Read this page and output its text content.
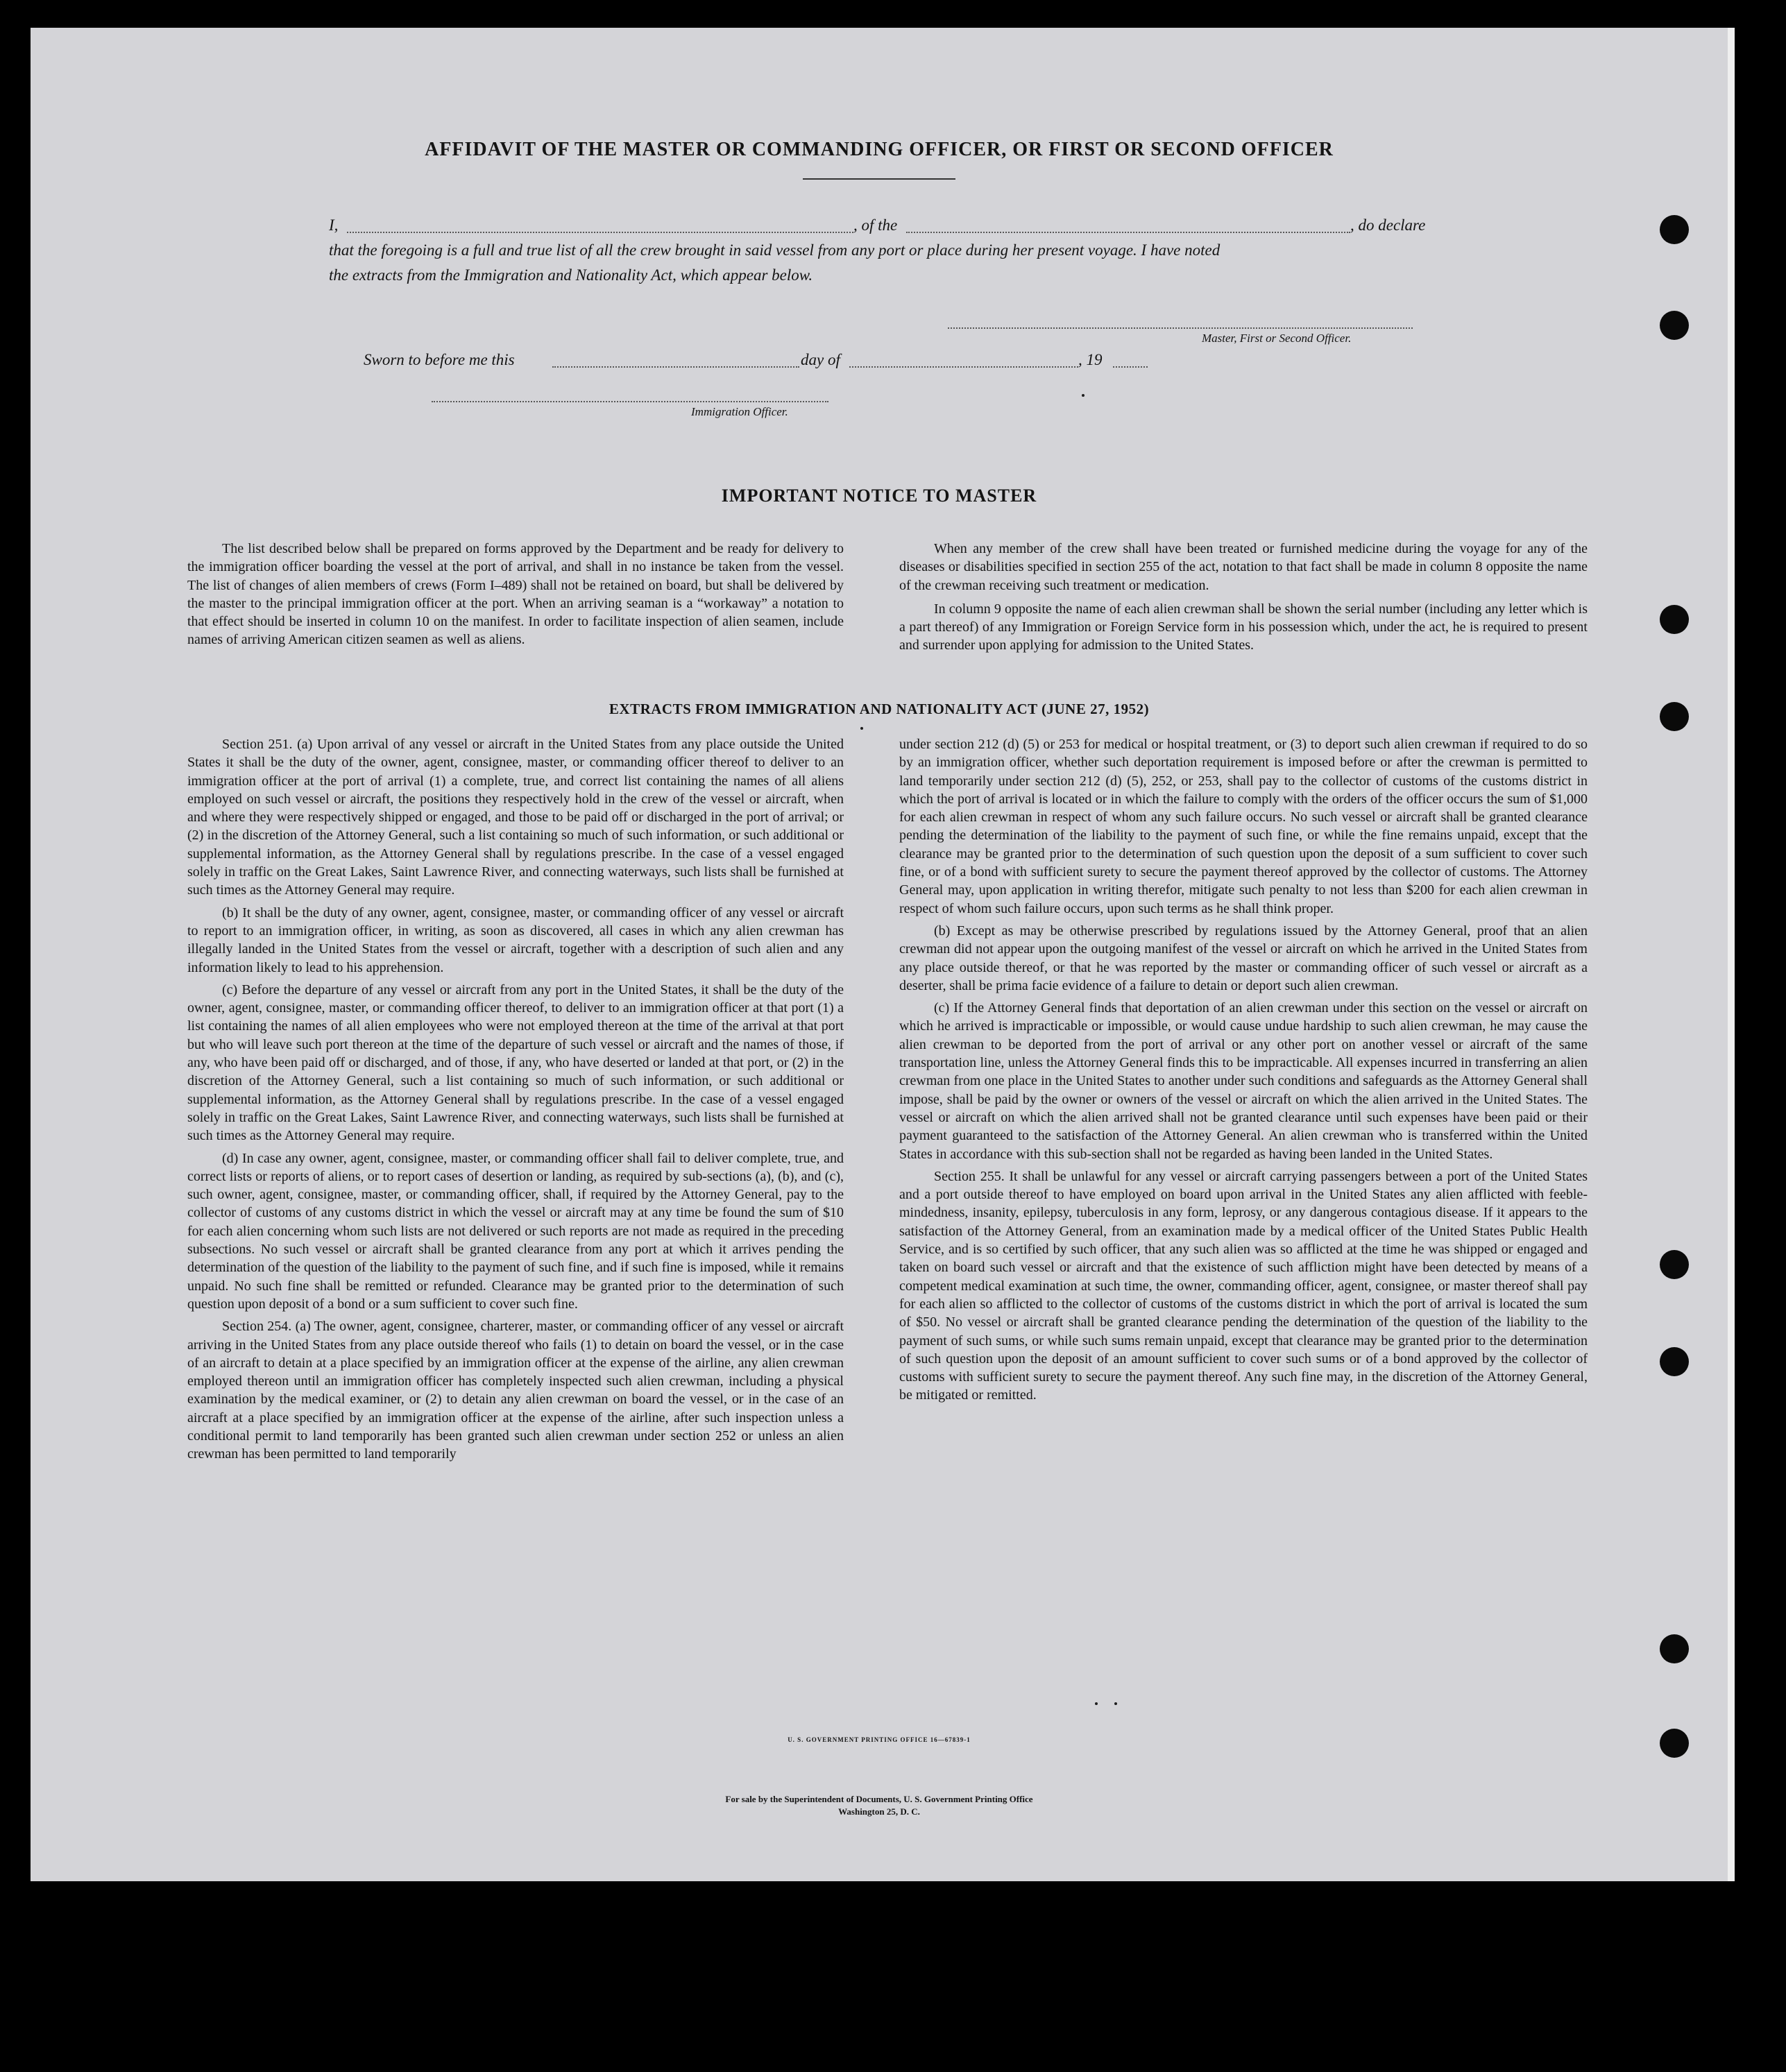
AFFIDAVIT OF THE MASTER OR COMMANDING OFFICER, OR FIRST OR SECOND OFFICER
I,	, of the	, do declare
that the foregoing is a full and true list of all the crew brought in said vessel from any port or place during her present voyage. I have noted
the extracts from the Immigration and Nationality Act, which appear below.
Master, First or Second Officer.
Sworn to before me this	day of	, 19
Immigration Officer.
IMPORTANT NOTICE TO MASTER

The list described below shall be prepared on forms approved by the Department and be ready for delivery to the immigration officer boarding the vessel at the port of arrival, and shall in no instance be taken from the vessel. The list of changes of alien members of crews (Form I–489) shall not be retained on board, but shall be delivered by the master to the principal immigration officer at the port. When an arriving seaman is a “workaway” a notation to that effect should be inserted in column 10 on the manifest. In order to facilitate inspection of alien seamen, include names of arriving American citizen seamen as well as aliens.

When any member of the crew shall have been treated or furnished medicine during the voyage for any of the diseases or disabilities specified in section 255 of the act, notation to that fact shall be made in column 8 opposite the name of the crewman receiving such treatment or medication.

In column 9 opposite the name of each alien crewman shall be shown the serial number (including any letter which is a part thereof) of any Immigration or Foreign Service form in his possession which, under the act, he is required to present and surrender upon applying for admission to the United States.

EXTRACTS FROM IMMIGRATION AND NATIONALITY ACT (JUNE 27, 1952)

Section 251. (a) Upon arrival of any vessel or aircraft in the United States from any place outside the United States it shall be the duty of the owner, agent, consignee, master, or commanding officer thereof to deliver to an immigration officer at the port of arrival (1) a complete, true, and correct list containing the names of all aliens employed on such vessel or aircraft, the positions they respectively hold in the crew of the vessel or aircraft, when and where they were respectively shipped or engaged, and those to be paid off or discharged in the port of arrival; or (2) in the discretion of the Attorney General, such a list containing so much of such information, or such additional or supplemental information, as the Attorney General shall by regulations prescribe. In the case of a vessel engaged solely in traffic on the Great Lakes, Saint Lawrence River, and connecting waterways, such lists shall be furnished at such times as the Attorney General may require.

(b) It shall be the duty of any owner, agent, consignee, master, or commanding officer of any vessel or aircraft to report to an immigration officer, in writing, as soon as discovered, all cases in which any alien crewman has illegally landed in the United States from the vessel or aircraft, together with a description of such alien and any information likely to lead to his apprehension.

(c) Before the departure of any vessel or aircraft from any port in the United States, it shall be the duty of the owner, agent, consignee, master, or commanding officer thereof, to deliver to an immigration officer at that port (1) a list containing the names of all alien employees who were not employed thereon at the time of the arrival at that port but who will leave such port thereon at the time of the departure of such vessel or aircraft and the names of those, if any, who have been paid off or discharged, and of those, if any, who have deserted or landed at that port, or (2) in the discretion of the Attorney General, such a list containing so much of such information, or such additional or supplemental information, as the Attorney General shall by regulations prescribe. In the case of a vessel engaged solely in traffic on the Great Lakes, Saint Lawrence River, and connecting waterways, such lists shall be furnished at such times as the Attorney General may require.

(d) In case any owner, agent, consignee, master, or commanding officer shall fail to deliver complete, true, and correct lists or reports of aliens, or to report cases of desertion or landing, as required by sub-sections (a), (b), and (c), such owner, agent, consignee, master, or commanding officer, shall, if required by the Attorney General, pay to the collector of customs of any customs district in which the vessel or aircraft may at any time be found the sum of $10 for each alien concerning whom such lists are not delivered or such reports are not made as required in the preceding subsections. No such vessel or aircraft shall be granted clearance from any port at which it arrives pending the determination of the question of the liability to the payment of such fine, and if such fine is imposed, while it remains unpaid. No such fine shall be remitted or refunded. Clearance may be granted prior to the determination of such question upon deposit of a bond or a sum sufficient to cover such fine.

Section 254. (a) The owner, agent, consignee, charterer, master, or commanding officer of any vessel or aircraft arriving in the United States from any place outside thereof who fails (1) to detain on board the vessel, or in the case of an aircraft to detain at a place specified by an immigration officer at the expense of the airline, any alien crewman employed thereon until an immigration officer has completely inspected such alien crewman, including a physical examination by the medical examiner, or (2) to detain any alien crewman on board the vessel, or in the case of an aircraft at a place specified by an immigration officer at the expense of the airline, after such inspection unless a conditional permit to land temporarily has been granted such alien crewman under section 252 or unless an alien crewman has been permitted to land temporarily

under section 212 (d) (5) or 253 for medical or hospital treatment, or (3) to deport such alien crewman if required to do so by an immigration officer, whether such deportation requirement is imposed before or after the crewman is permitted to land temporarily under section 212 (d) (5), 252, or 253, shall pay to the collector of customs of the customs district in which the port of arrival is located or in which the failure to comply with the orders of the officer occurs the sum of $1,000 for each alien crewman in respect of whom any such failure occurs. No such vessel or aircraft shall be granted clearance pending the determination of the liability to the payment of such fine, or while the fine remains unpaid, except that the clearance may be granted prior to the determination of such question upon the deposit of a sum sufficient to cover such fine, or of a bond with sufficient surety to secure the payment thereof approved by the collector of customs. The Attorney General may, upon application in writing therefor, mitigate such penalty to not less than $200 for each alien crewman in respect of whom such failure occurs, upon such terms as he shall think proper.

(b) Except as may be otherwise prescribed by regulations issued by the Attorney General, proof that an alien crewman did not appear upon the outgoing manifest of the vessel or aircraft on which he arrived in the United States from any place outside thereof, or that he was reported by the master or commanding officer of such vessel or aircraft as a deserter, shall be prima facie evidence of a failure to detain or deport such alien crewman.

(c) If the Attorney General finds that deportation of an alien crewman under this section on the vessel or aircraft on which he arrived is impracticable or impossible, or would cause undue hardship to such alien crewman, he may cause the alien crewman to be deported from the port of arrival or any other port on another vessel or aircraft of the same transportation line, unless the Attorney General finds this to be impracticable. All expenses incurred in transferring an alien crewman from one place in the United States to another under such conditions and safeguards as the Attorney General shall impose, shall be paid by the owner or owners of the vessel or aircraft on which the alien arrived in the United States. The vessel or aircraft on which the alien arrived shall not be granted clearance until such expenses have been paid or their payment guaranteed to the satisfaction of the Attorney General. An alien crewman who is transferred within the United States in accordance with this sub-section shall not be regarded as having been landed in the United States.

Section 255. It shall be unlawful for any vessel or aircraft carrying passengers between a port of the United States and a port outside thereof to have employed on board upon arrival in the United States any alien afflicted with feeble-mindedness, insanity, epilepsy, tuberculosis in any form, leprosy, or any dangerous contagious disease. If it appears to the satisfaction of the Attorney General, from an examination made by a medical officer of the United States Public Health Service, and is so certified by such officer, that any such alien was so afflicted at the time he was shipped or engaged and taken on board such vessel or aircraft and that the existence of such affliction might have been detected by means of a competent medical examination at such time, the owner, commanding officer, agent, consignee, or master thereof shall pay for each alien so afflicted to the collector of customs of the customs district in which the port of arrival is located the sum of $50. No vessel or aircraft shall be granted clearance pending the determination of the question of the liability to the payment of such sums, or while such sums remain unpaid, except that clearance may be granted prior to the determination of such question upon the deposit of an amount sufficient to cover such sums or of a bond approved by the collector of customs with sufficient surety to secure the payment thereof. Any such fine may, in the discretion of the Attorney General, be mitigated or remitted.

U. S. GOVERNMENT PRINTING OFFICE 16—67839-1
For sale by the Superintendent of Documents, U. S. Government Printing Office
Washington 25, D. C.
